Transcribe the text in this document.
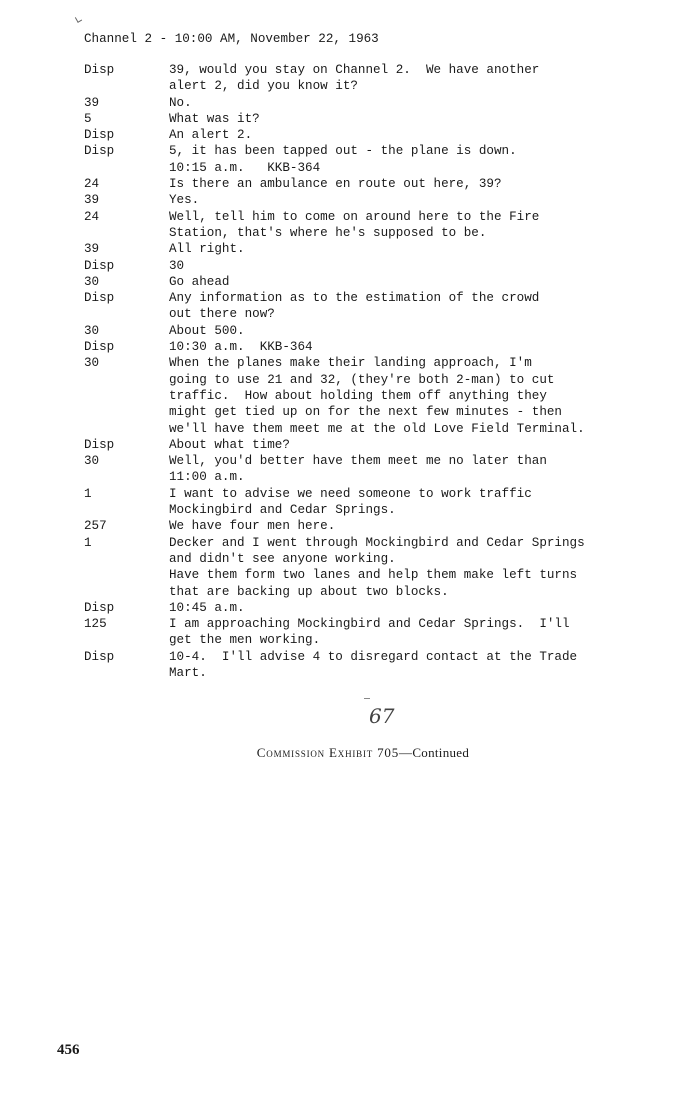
Channel 2 - 10:00 AM, November 22, 1963
Disp	39, would you stay on Channel 2.  We have another
alert 2, did you know it?
39	No.
5	What was it?
Disp	An alert 2.
Disp	5, it has been tapped out - the plane is down.
10:15 a.m.   KKB-364
24	Is there an ambulance en route out here, 39?
39	Yes.
24	Well, tell him to come on around here to the Fire
Station, that's where he's supposed to be.
39	All right.
Disp	30
30	Go ahead
Disp	Any information as to the estimation of the crowd
out there now?
30	About 500.
Disp	10:30 a.m.  KKB-364
30	When the planes make their landing approach, I'm
going to use 21 and 32, (they're both 2-man) to cut
traffic.  How about holding them off anything they
might get tied up on for the next few minutes - then
we'll have them meet me at the old Love Field Terminal.
Disp	About what time?
30	Well, you'd better have them meet me no later than
11:00 a.m.
1	I want to advise we need someone to work traffic
Mockingbird and Cedar Springs.
257	We have four men here.
1	Decker and I went through Mockingbird and Cedar Springs
and didn't see anyone working.
Have them form two lanes and help them make left turns
that are backing up about two blocks.
Disp	10:45 a.m.
125	I am approaching Mockingbird and Cedar Springs.  I'll
get the men working.
Disp	10-4.  I'll advise 4 to disregard contact at the Trade
Mart.
67
Commission Exhibit 705—Continued
456
